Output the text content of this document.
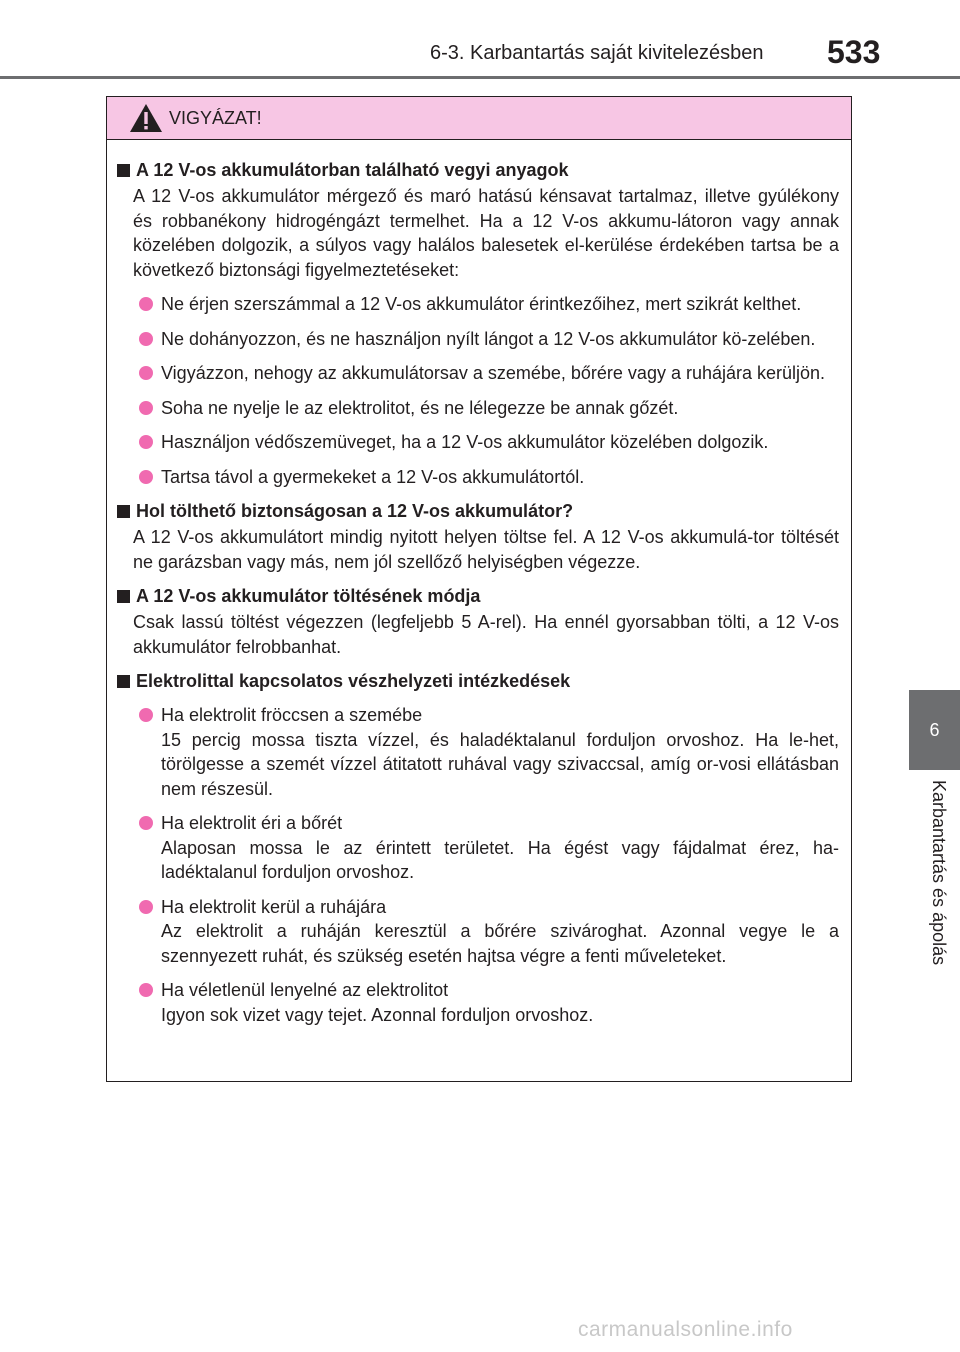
6-3. Karbantartás saját kivitelezésben 533
6
Karbantartás és ápolás
VIGYÁZAT!
A 12 V-os akkumulátorban található vegyi anyagok
A 12 V-os akkumulátor mérgező és maró hatású kénsavat tartalmaz, illetve gyúlékony és robbanékony hidrogéngázt termelhet. Ha a 12 V-os akkumu-látoron vagy annak közelében dolgozik, a súlyos vagy halálos balesetek el-kerülése érdekében tartsa be a következő biztonsági figyelmeztetéseket:
Ne érjen szerszámmal a 12 V-os akkumulátor érintkezőihez, mert szikrát kelthet.
Ne dohányozzon, és ne használjon nyílt lángot a 12 V-os akkumulátor kö-zelében.
Vigyázzon, nehogy az akkumulátorsav a szemébe, bőrére vagy a ruhájára kerüljön.
Soha ne nyelje le az elektrolitot, és ne lélegezze be annak gőzét.
Használjon védőszemüveget, ha a 12 V-os akkumulátor közelében dolgozik.
Tartsa távol a gyermekeket a 12 V-os akkumulátortól.
Hol tölthető biztonságosan a 12 V-os akkumulátor?
A 12 V-os akkumulátort mindig nyitott helyen töltse fel. A 12 V-os akkumulá-tor töltését ne garázsban vagy más, nem jól szellőző helyiségben végezze.
A 12 V-os akkumulátor töltésének módja
Csak lassú töltést végezzen (legfeljebb 5 A-rel). Ha ennél gyorsabban tölti, a 12 V-os akkumulátor felrobbanhat.
Elektrolittal kapcsolatos vészhelyzeti intézkedések
Ha elektrolit fröccsen a szemébe
15 percig mossa tiszta vízzel, és haladéktalanul forduljon orvoshoz. Ha le-het, törölgesse a szemét vízzel átitatott ruhával vagy szivaccsal, amíg or-vosi ellátásban nem részesül.
Ha elektrolit éri a bőrét
Alaposan mossa le az érintett területet. Ha égést vagy fájdalmat érez, ha-ladéktalanul forduljon orvoshoz.
Ha elektrolit kerül a ruhájára
Az elektrolit a ruháján keresztül a bőrére szivároghat. Azonnal vegye le a szennyezett ruhát, és szükség esetén hajtsa végre a fenti műveleteket.
Ha véletlenül lenyelné az elektrolitot
Igyon sok vizet vagy tejet. Azonnal forduljon orvoshoz.
carmanualsonline.info
